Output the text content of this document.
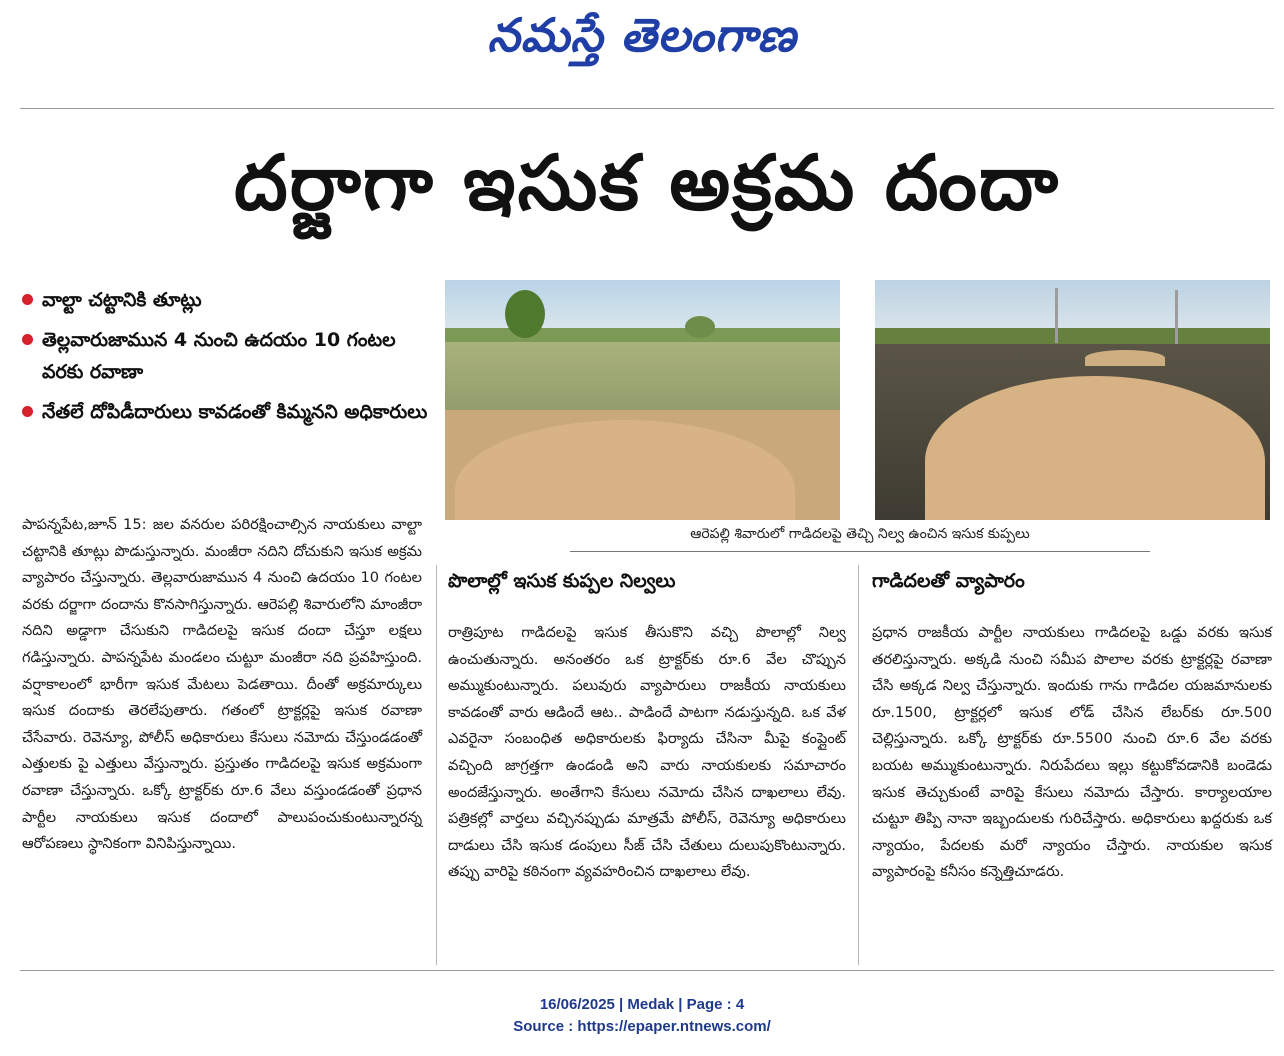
నమస్తే తెలంగాణ
దర్జాగా ఇసుక అక్రమ దందా
వాల్టా చట్టానికి తూట్లు
తెల్లవారుజామున 4 నుంచి ఉదయం 10 గంటల వరకు రవాణా
నేతలే దోపిడీదారులు కావడంతో కిమ్మనని అధికారులు
ఆరెపల్లి శివారులో గాడిదలపై తెచ్చి నిల్వ ఉంచిన ఇసుక కుప్పలు

పాపన్నపేట,జూన్ 15: జల వనరుల పరిరక్షించాల్సిన నాయకులు వాల్టా చట్టానికి తూట్లు పొడుస్తున్నారు. మంజీరా నదిని దోచుకుని ఇసుక అక్రమ వ్యాపారం చేస్తున్నారు. తెల్లవారుజామున 4 నుంచి ఉదయం 10 గంటల వరకు దర్జాగా దందాను కొనసాగిస్తున్నారు. ఆరెపల్లి శివారులోని మాంజీరా నదిని అడ్డాగా చేసుకుని గాడిదలపై ఇసుక దందా చేస్తూ లక్షలు గడిస్తున్నారు. పాపన్నపేట మండలం చుట్టూ మంజీరా నది ప్రవహిస్తుంది. వర్షాకాలంలో భారీగా ఇసుక మేటలు పెడతాయి. దీంతో అక్రమార్కులు ఇసుక దందాకు తెరలేపుతారు. గతంలో ట్రాక్టర్లపై ఇసుక రవాణా చేసేవారు. రెవెన్యూ, పోలీస్ అధికారులు కేసులు నమోదు చేస్తుండడంతో ఎత్తులకు పై ఎత్తులు వేస్తున్నారు. ప్రస్తుతం గాడిదలపై ఇసుక అక్రమంగా రవాణా చేస్తున్నారు. ఒక్కో ట్రాక్టర్‌కు రూ.6 వేలు వస్తుండడంతో ప్రధాన పార్టీల నాయకులు ఇసుక దందాలో పాలుపంచుకుంటున్నారన్న ఆరోపణలు స్థానికంగా వినిపిస్తున్నాయి.

పొలాల్లో ఇసుక కుప్పల నిల్వలు

రాత్రిపూట గాడిదలపై ఇసుక తీసుకొని వచ్చి పొలాల్లో నిల్వ ఉంచుతున్నారు. అనంతరం ఒక ట్రాక్టర్‌కు రూ.6 వేల చొప్పున అమ్ముకుంటున్నారు. పలువురు వ్యాపారులు రాజకీయ నాయకులు కావడంతో వారు ఆడిందే ఆట.. పాడిందే పాటగా నడుస్తున్నది. ఒక వేళ ఎవరైనా సంబంధిత అధికారులకు ఫిర్యాదు చేసినా మీపై కంప్లైంట్ వచ్చింది జాగ్రత్తగా ఉండండి అని వారు నాయకులకు సమాచారం అందజేస్తున్నారు. అంతేగాని కేసులు నమోదు చేసిన దాఖలాలు లేవు. పత్రికల్లో వార్తలు వచ్చినప్పుడు మాత్రమే పోలీస్, రెవెన్యూ అధికారులు దాడులు చేసి ఇసుక డంపులు సీజ్ చేసి చేతులు దులుపుకొంటున్నారు. తప్పు వారిపై కఠినంగా వ్యవహరించిన దాఖలాలు లేవు.

గాడిదలతో వ్యాపారం

ప్రధాన రాజకీయ పార్టీల నాయకులు గాడిదలపై ఒడ్డు వరకు ఇసుక తరలిస్తున్నారు. అక్కడి నుంచి సమీప పొలాల వరకు ట్రాక్టర్లపై రవాణా చేసి అక్కడ నిల్వ చేస్తున్నారు. ఇందుకు గాను గాడిదల యజమానులకు రూ.1500, ట్రాక్టర్లలో ఇసుక లోడ్ చేసిన లేబర్‌కు రూ.500 చెల్లిస్తున్నారు. ఒక్కో ట్రాక్టర్‌కు రూ.5500 నుంచి రూ.6 వేల వరకు బయట అమ్ముకుంటున్నారు. నిరుపేదలు ఇల్లు కట్టుకోవడానికి బండెడు ఇసుక తెచ్చుకుంటే వారిపై కేసులు నమోదు చేస్తారు. కార్యాలయాల చుట్టూ తిప్పి నానా ఇబ్బందులకు గురిచేస్తారు. అధికారులు ఖద్దరుకు ఒక న్యాయం, పేదలకు మరో న్యాయం చేస్తారు. నాయకుల ఇసుక వ్యాపారంపై కనీసం కన్నెత్తిచూడరు.

16/06/2025 | Medak | Page : 4
Source : https://epaper.ntnews.com/
